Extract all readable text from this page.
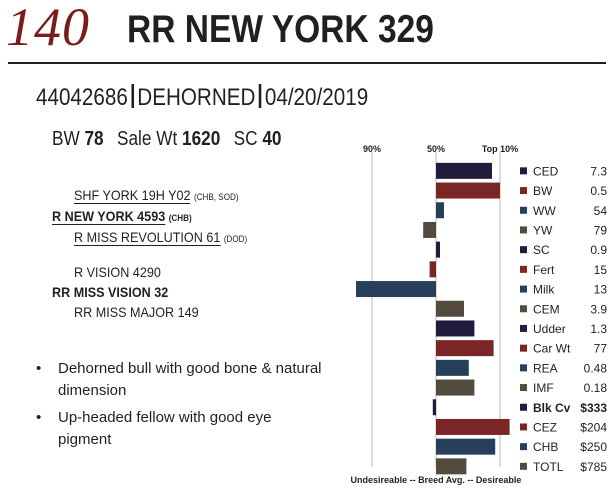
140 RR NEW YORK 329
44042686 DEHORNED 04/20/2019
BW 78 Sale Wt 1620 SC 40
SHF YORK 19H Y02 (CHB, SOD)
R NEW YORK 4593 (CHB)
R MISS REVOLUTION 61 (DOD)
R VISION 4290
RR MISS VISION 32
RR MISS MAJOR 149
• Dehorned bull with good bone & natural dimension
• Up-headed fellow with good eye pigment
90%	50%	Top 10%
CED	7.3
BW	0.5
WW	54
YW	79
SC	0.9
Fert	15
Milk	13
CEM	3.9
Udder 1.3
Car Wt 77
REA 0.48
IMF 0.18
Blk Cv $333
CEZ $204
CHB $250
TOTL $785
Undesireable -- Breed Avg. -- Desireable
